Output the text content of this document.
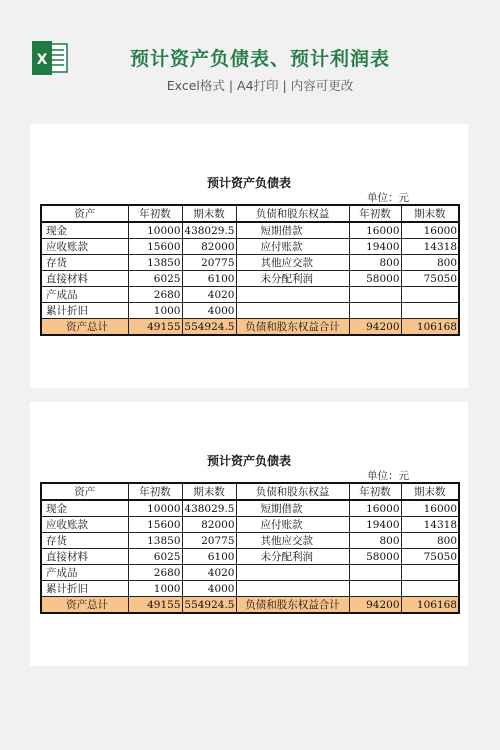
X	预计资产负债表、预计利润表
Excel格式 | A4打印 | 内容可更改
预计资产负债表
单位：元
资产	年初数	期末数	负债和股东权益	年初数	期末数
现金	10000	438029.5	短期借款	16000	16000
应收账款	15600	82000	应付账款	19400	14318
存货	13850	20775	其他应交款	800	800
直接材料	6025	6100	未分配利润	58000	75050
产成品	2680	4020			
累计折旧	1000	4000			
资产总计	49155	554924.5	负债和股东权益合计	94200	106168
预计资产负债表
单位：元
资产	年初数	期末数	负债和股东权益	年初数	期末数
现金	10000	438029.5	短期借款	16000	16000
应收账款	15600	82000	应付账款	19400	14318
存货	13850	20775	其他应交款	800	800
直接材料	6025	6100	未分配利润	58000	75050
产成品	2680	4020			
累计折旧	1000	4000			
资产总计	49155	554924.5	负债和股东权益合计	94200	106168
